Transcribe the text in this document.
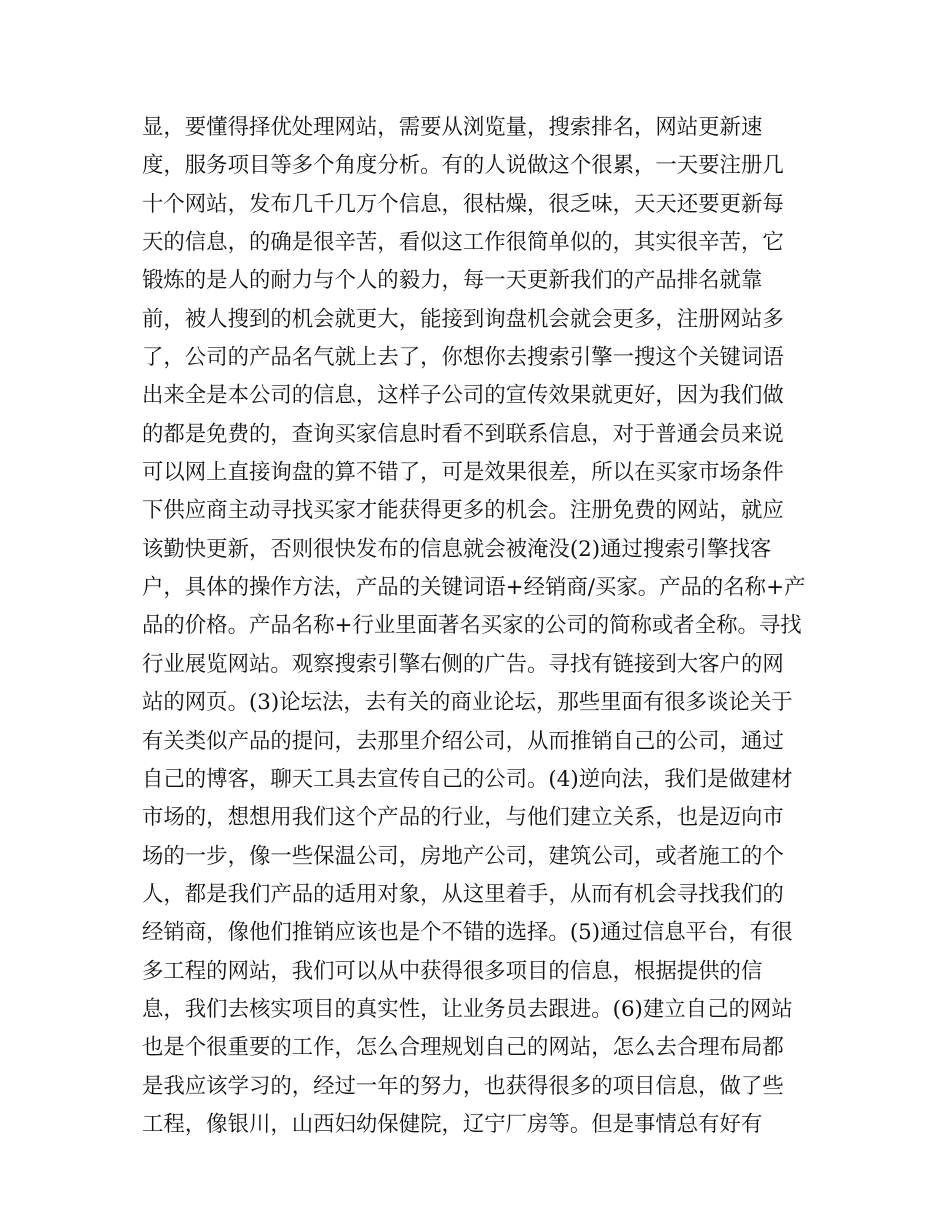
显，要懂得择优处理网站，需要从浏览量，搜索排名，网站更新速
度，服务项目等多个角度分析。有的人说做这个很累，一天要注册几
十个网站，发布几千几万个信息，很枯燥，很乏味，天天还要更新每
天的信息，的确是很辛苦，看似这工作很简单似的，其实很辛苦，它
锻炼的是人的耐力与个人的毅力，每一天更新我们的产品排名就靠
前，被人搜到的机会就更大，能接到询盘机会就会更多，注册网站多
了，公司的产品名气就上去了，你想你去搜索引擎一搜这个关键词语
出来全是本公司的信息，这样子公司的宣传效果就更好，因为我们做
的都是免费的，查询买家信息时看不到联系信息，对于普通会员来说
可以网上直接询盘的算不错了，可是效果很差，所以在买家市场条件
下供应商主动寻找买家才能获得更多的机会。注册免费的网站，就应
该勤快更新，否则很快发布的信息就会被淹没(2)通过搜索引擎找客
户，具体的操作方法，产品的关键词语+经销商/买家。产品的名称+产
品的价格。产品名称+行业里面著名买家的公司的简称或者全称。寻找
行业展览网站。观察搜索引擎右侧的广告。寻找有链接到大客户的网
站的网页。(3)论坛法，去有关的商业论坛，那些里面有很多谈论关于
有关类似产品的提问，去那里介绍公司，从而推销自己的公司，通过
自己的博客，聊天工具去宣传自己的公司。(4)逆向法，我们是做建材
市场的，想想用我们这个产品的行业，与他们建立关系，也是迈向市
场的一步，像一些保温公司，房地产公司，建筑公司，或者施工的个
人，都是我们产品的适用对象，从这里着手，从而有机会寻找我们的
经销商，像他们推销应该也是个不错的选择。(5)通过信息平台，有很
多工程的网站，我们可以从中获得很多项目的信息，根据提供的信
息，我们去核实项目的真实性，让业务员去跟进。(6)建立自己的网站
也是个很重要的工作，怎么合理规划自己的网站，怎么去合理布局都
是我应该学习的，经过一年的努力，也获得很多的项目信息，做了些
工程，像银川，山西妇幼保健院，辽宁厂房等。但是事情总有好有
